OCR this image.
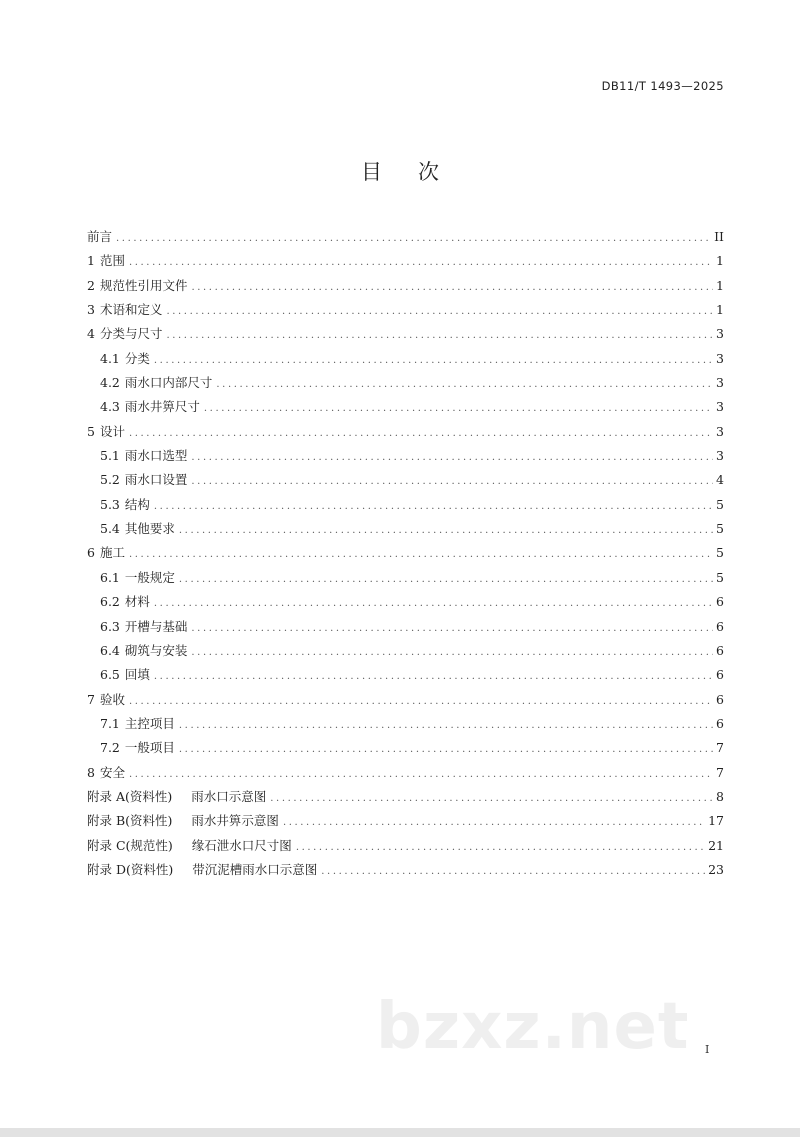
DB11/T 1493—2025
目 次
前言 .....	II
1 范围 .....	1
2 规范性引用文件 .....	1
3 术语和定义 .....	1
4 分类与尺寸 .....	3
4.1 分类 .....	3
4.2 雨水口内部尺寸 .....	3
4.3 雨水井箅尺寸 .....	3
5 设计 .....	3
5.1 雨水口选型 .....	3
5.2 雨水口设置 .....	4
5.3 结构 .....	5
5.4 其他要求 .....	5
6 施工 .....	5
6.1 一般规定 .....	5
6.2 材料 .....	6
6.3 开槽与基础 .....	6
6.4 砌筑与安装 .....	6
6.5 回填 .....	6
7 验收 .....	6
7.1 主控项目 .....	6
7.2 一般项目 .....	7
8 安全 .....	7
附录 A(资料性) 雨水口示意图 .....	8
附录 B(资料性) 雨水井箅示意图 .....	17
附录 C(规范性) 缘石泄水口尺寸图 .....	21
附录 D(资料性) 带沉泥槽雨水口示意图 .....	23
bzxz.net I
